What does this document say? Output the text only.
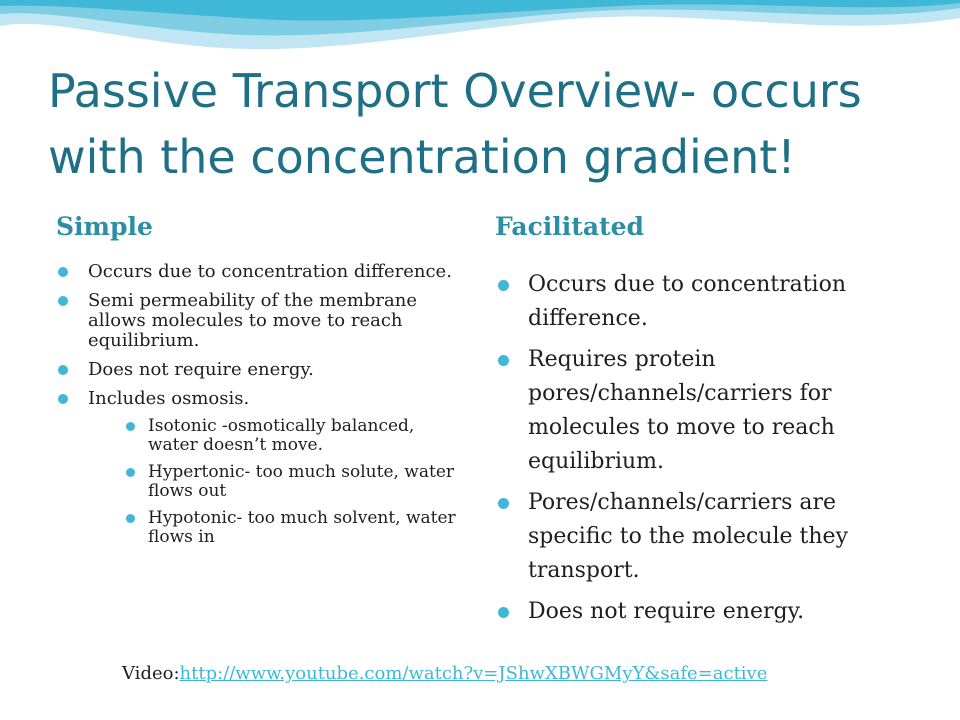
Passive Transport Overview- occurs with the concentration gradient!
Simple	Facilitated
Occurs due to concentration difference.
Semi permeability of the membrane allows molecules to move to reach equilibrium.
Does not require energy.
Includes osmosis.
Isotonic -osmotically balanced, water doesn’t move.
Hypertonic- too much solute, water flows out
Hypotonic- too much solvent, water flows in
Occurs due to concentration difference.
Requires protein pores/channels/carriers for molecules to move to reach equilibrium.
Pores/channels/carriers are specific to the molecule they transport.
Does not require energy.
Video:http://www.youtube.com/watch?v=JShwXBWGMyY&safe=active
